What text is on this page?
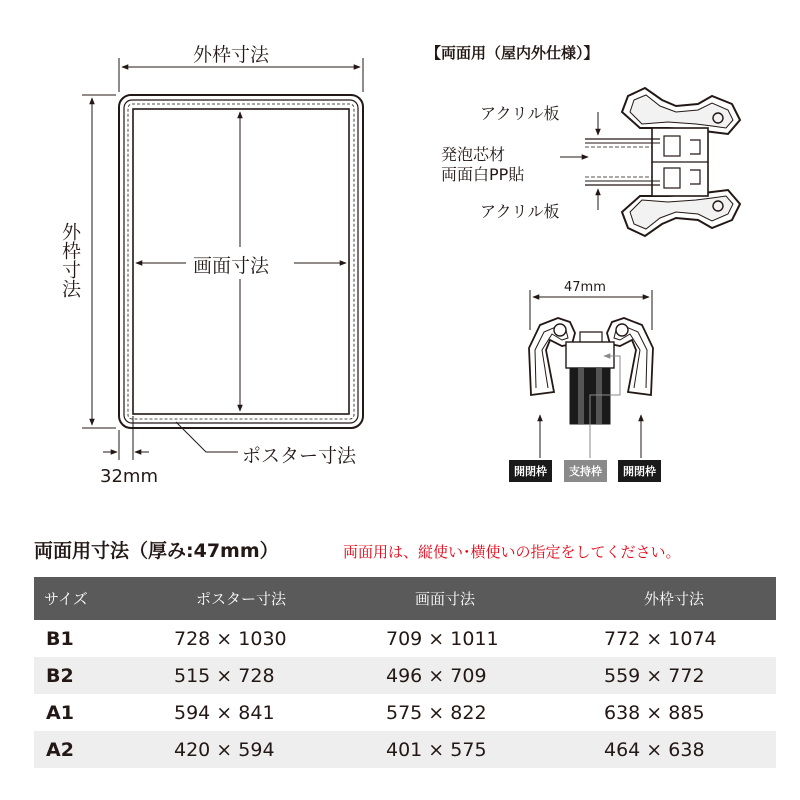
外枠寸法
外枠寸法	画面寸法
ポスター寸法
32mm
【両面用（屋内外仕様）】
アクリル板
発泡芯材
両面白PP貼
アクリル板
47mm
開閉枠	支持枠	開閉枠
両面用寸法（厚み:47mm）	両面用は、縦使い･横使いの指定をしてください。
サイズ	ポスター寸法	画面寸法	外枠寸法
B1	728 × 1030	709 × 1011	772 × 1074
B2	515 × 728	496 × 709	559 × 772
A1	594 × 841	575 × 822	638 × 885
A2	420 × 594	401 × 575	464 × 638
